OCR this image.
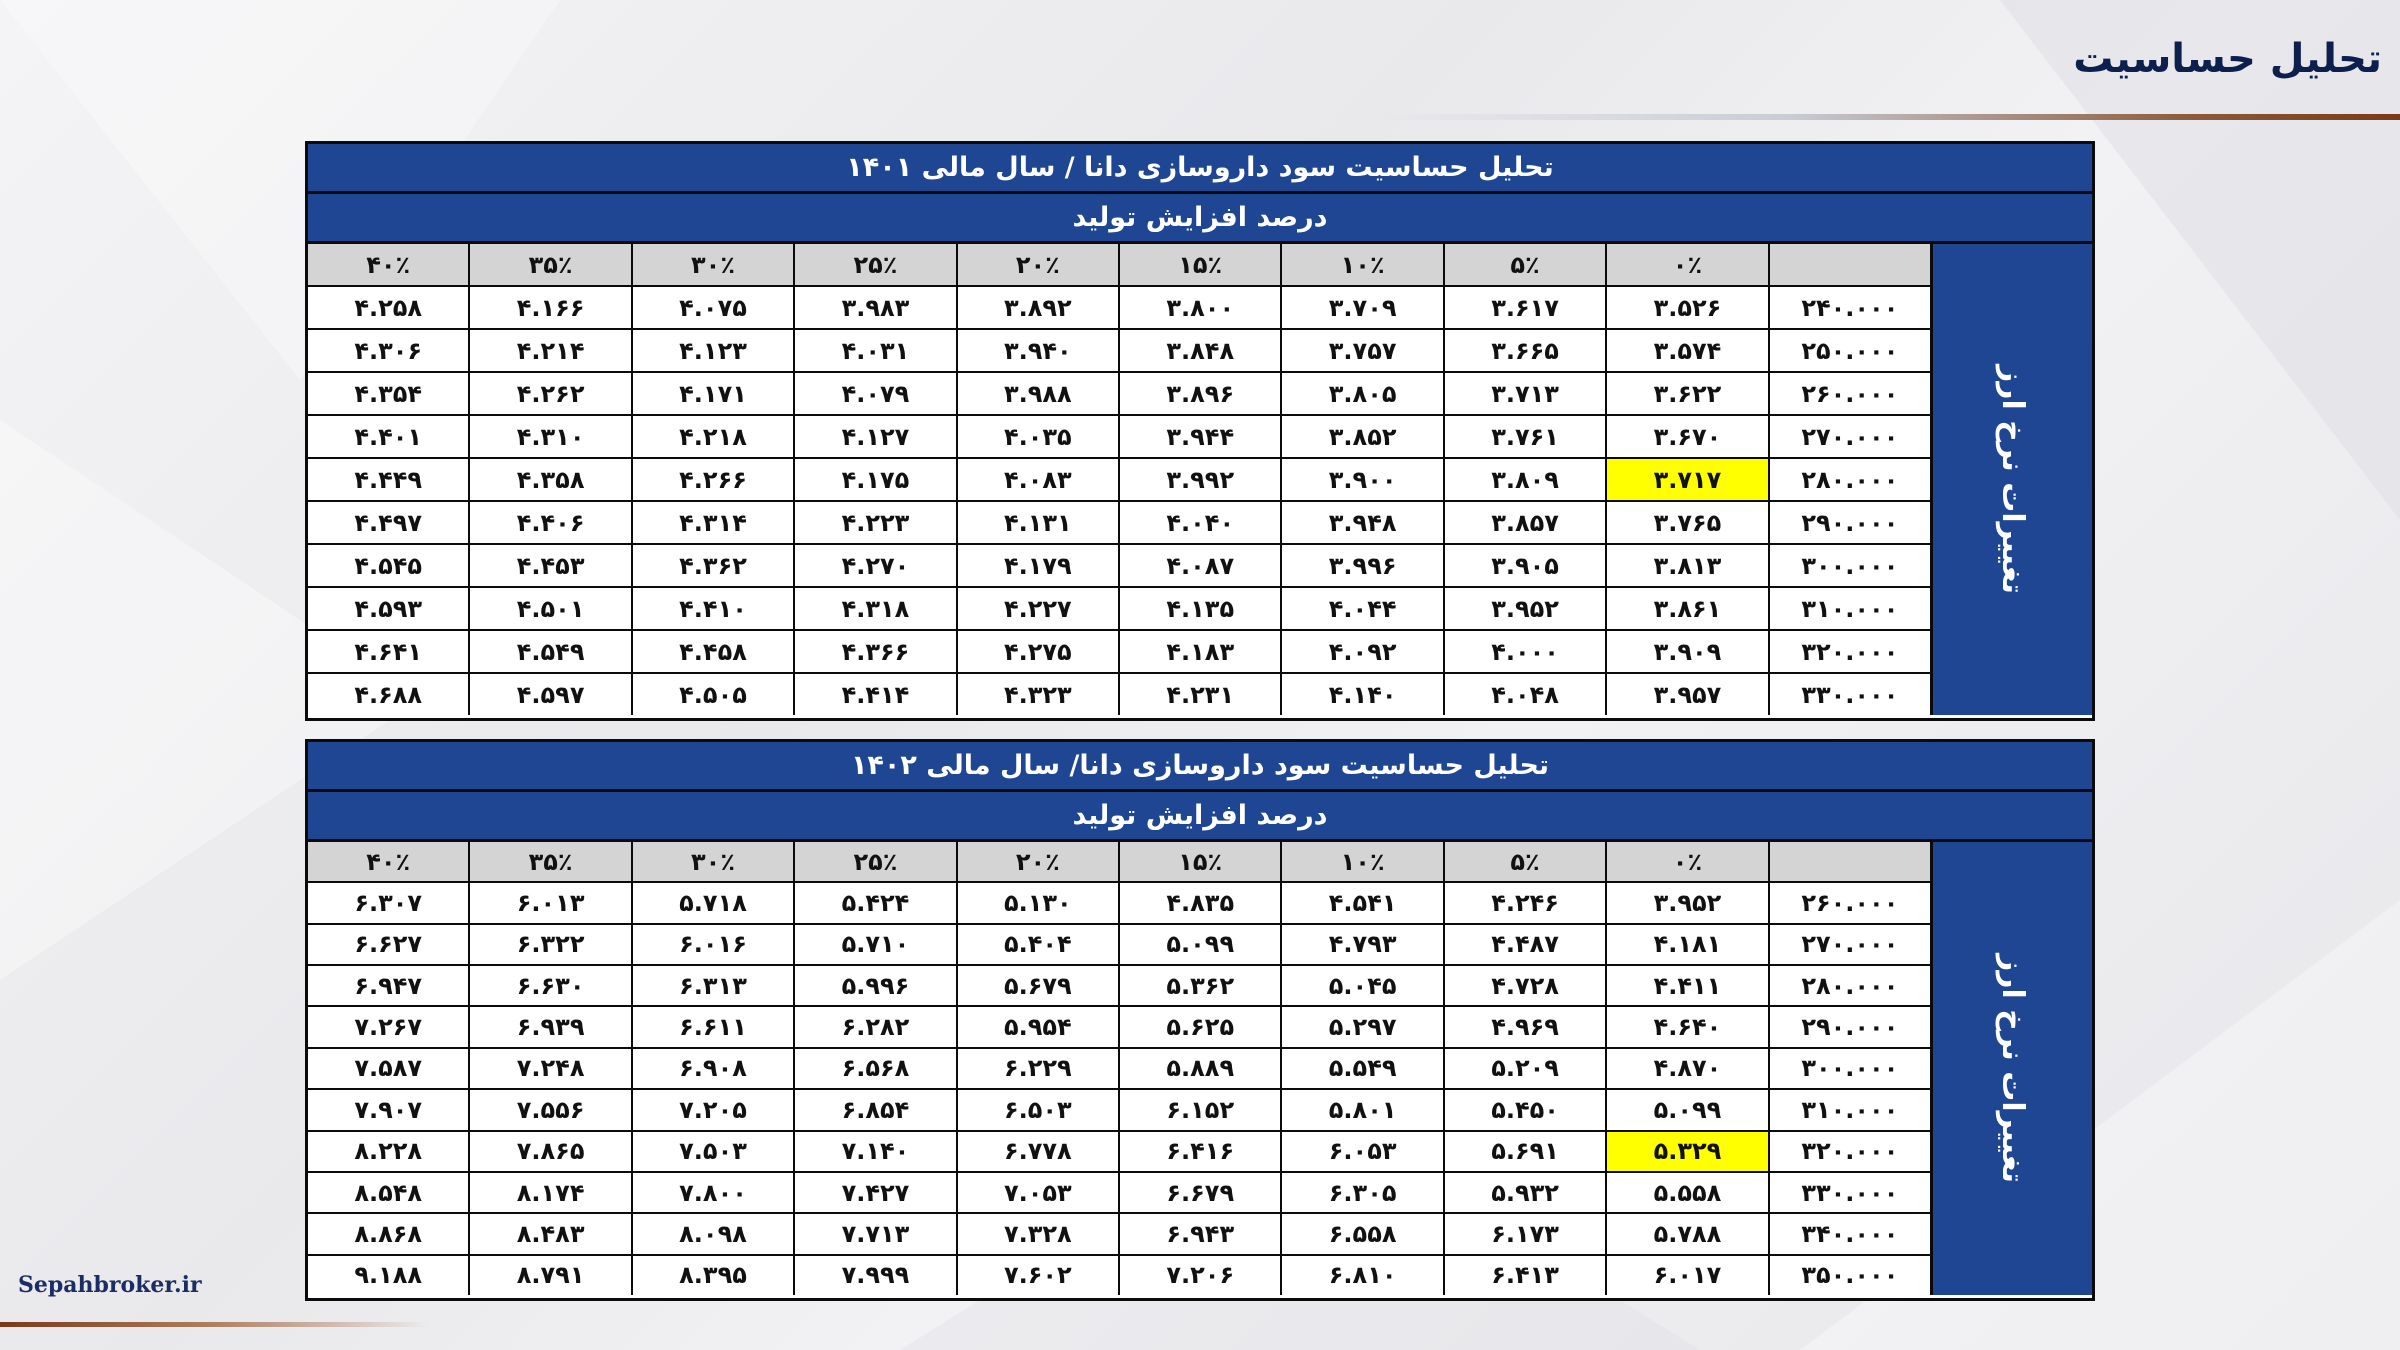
تحلیل حساسیت
تحلیل حساسیت سود داروسازی دانا / سال مالی ۱۴۰۱
درصد افزایش تولید
۴۰٪	۳۵٪	۳۰٪	۲۵٪	۲۰٪	۱۵٪	۱۰٪	۵٪	۰٪
۴.۲۵۸	۴.۱۶۶	۴.۰۷۵	۳.۹۸۳	۳.۸۹۲	۳.۸۰۰	۳.۷۰۹	۳.۶۱۷	۳.۵۲۶	۲۴۰.۰۰۰
۴.۳۰۶	۴.۲۱۴	۴.۱۲۳	۴.۰۳۱	۳.۹۴۰	۳.۸۴۸	۳.۷۵۷	۳.۶۶۵	۳.۵۷۴	۲۵۰.۰۰۰
۴.۳۵۴	۴.۲۶۲	۴.۱۷۱	۴.۰۷۹	۳.۹۸۸	۳.۸۹۶	۳.۸۰۵	۳.۷۱۳	۳.۶۲۲	۲۶۰.۰۰۰
۴.۴۰۱	۴.۳۱۰	۴.۲۱۸	۴.۱۲۷	۴.۰۳۵	۳.۹۴۴	۳.۸۵۲	۳.۷۶۱	۳.۶۷۰	۲۷۰.۰۰۰
۴.۴۴۹	۴.۳۵۸	۴.۲۶۶	۴.۱۷۵	۴.۰۸۳	۳.۹۹۲	۳.۹۰۰	۳.۸۰۹	۳.۷۱۷	۲۸۰.۰۰۰
۴.۴۹۷	۴.۴۰۶	۴.۳۱۴	۴.۲۲۳	۴.۱۳۱	۴.۰۴۰	۳.۹۴۸	۳.۸۵۷	۳.۷۶۵	۲۹۰.۰۰۰
۴.۵۴۵	۴.۴۵۳	۴.۳۶۲	۴.۲۷۰	۴.۱۷۹	۴.۰۸۷	۳.۹۹۶	۳.۹۰۵	۳.۸۱۳	۳۰۰.۰۰۰
۴.۵۹۳	۴.۵۰۱	۴.۴۱۰	۴.۳۱۸	۴.۲۲۷	۴.۱۳۵	۴.۰۴۴	۳.۹۵۲	۳.۸۶۱	۳۱۰.۰۰۰
۴.۶۴۱	۴.۵۴۹	۴.۴۵۸	۴.۳۶۶	۴.۲۷۵	۴.۱۸۳	۴.۰۹۲	۴.۰۰۰	۳.۹۰۹	۳۲۰.۰۰۰
۴.۶۸۸	۴.۵۹۷	۴.۵۰۵	۴.۴۱۴	۴.۳۲۳	۴.۲۳۱	۴.۱۴۰	۴.۰۴۸	۳.۹۵۷	۳۳۰.۰۰۰
تغییرات نرخ ارز
تحلیل حساسیت سود داروسازی دانا/ سال مالی ۱۴۰۲
درصد افزایش تولید
۴۰٪	۳۵٪	۳۰٪	۲۵٪	۲۰٪	۱۵٪	۱۰٪	۵٪	۰٪
۶.۳۰۷	۶.۰۱۳	۵.۷۱۸	۵.۴۲۴	۵.۱۳۰	۴.۸۳۵	۴.۵۴۱	۴.۲۴۶	۳.۹۵۲	۲۶۰.۰۰۰
۶.۶۲۷	۶.۳۲۲	۶.۰۱۶	۵.۷۱۰	۵.۴۰۴	۵.۰۹۹	۴.۷۹۳	۴.۴۸۷	۴.۱۸۱	۲۷۰.۰۰۰
۶.۹۴۷	۶.۶۳۰	۶.۳۱۳	۵.۹۹۶	۵.۶۷۹	۵.۳۶۲	۵.۰۴۵	۴.۷۲۸	۴.۴۱۱	۲۸۰.۰۰۰
۷.۲۶۷	۶.۹۳۹	۶.۶۱۱	۶.۲۸۲	۵.۹۵۴	۵.۶۲۵	۵.۲۹۷	۴.۹۶۹	۴.۶۴۰	۲۹۰.۰۰۰
۷.۵۸۷	۷.۲۴۸	۶.۹۰۸	۶.۵۶۸	۶.۲۲۹	۵.۸۸۹	۵.۵۴۹	۵.۲۰۹	۴.۸۷۰	۳۰۰.۰۰۰
۷.۹۰۷	۷.۵۵۶	۷.۲۰۵	۶.۸۵۴	۶.۵۰۳	۶.۱۵۲	۵.۸۰۱	۵.۴۵۰	۵.۰۹۹	۳۱۰.۰۰۰
۸.۲۲۸	۷.۸۶۵	۷.۵۰۳	۷.۱۴۰	۶.۷۷۸	۶.۴۱۶	۶.۰۵۳	۵.۶۹۱	۵.۳۲۹	۳۲۰.۰۰۰
۸.۵۴۸	۸.۱۷۴	۷.۸۰۰	۷.۴۲۷	۷.۰۵۳	۶.۶۷۹	۶.۳۰۵	۵.۹۳۲	۵.۵۵۸	۳۳۰.۰۰۰
۸.۸۶۸	۸.۴۸۳	۸.۰۹۸	۷.۷۱۳	۷.۳۲۸	۶.۹۴۳	۶.۵۵۸	۶.۱۷۳	۵.۷۸۸	۳۴۰.۰۰۰
۹.۱۸۸	۸.۷۹۱	۸.۳۹۵	۷.۹۹۹	۷.۶۰۲	۷.۲۰۶	۶.۸۱۰	۶.۴۱۳	۶.۰۱۷	۳۵۰.۰۰۰
تغییرات نرخ ارز
Sepahbroker.ir
